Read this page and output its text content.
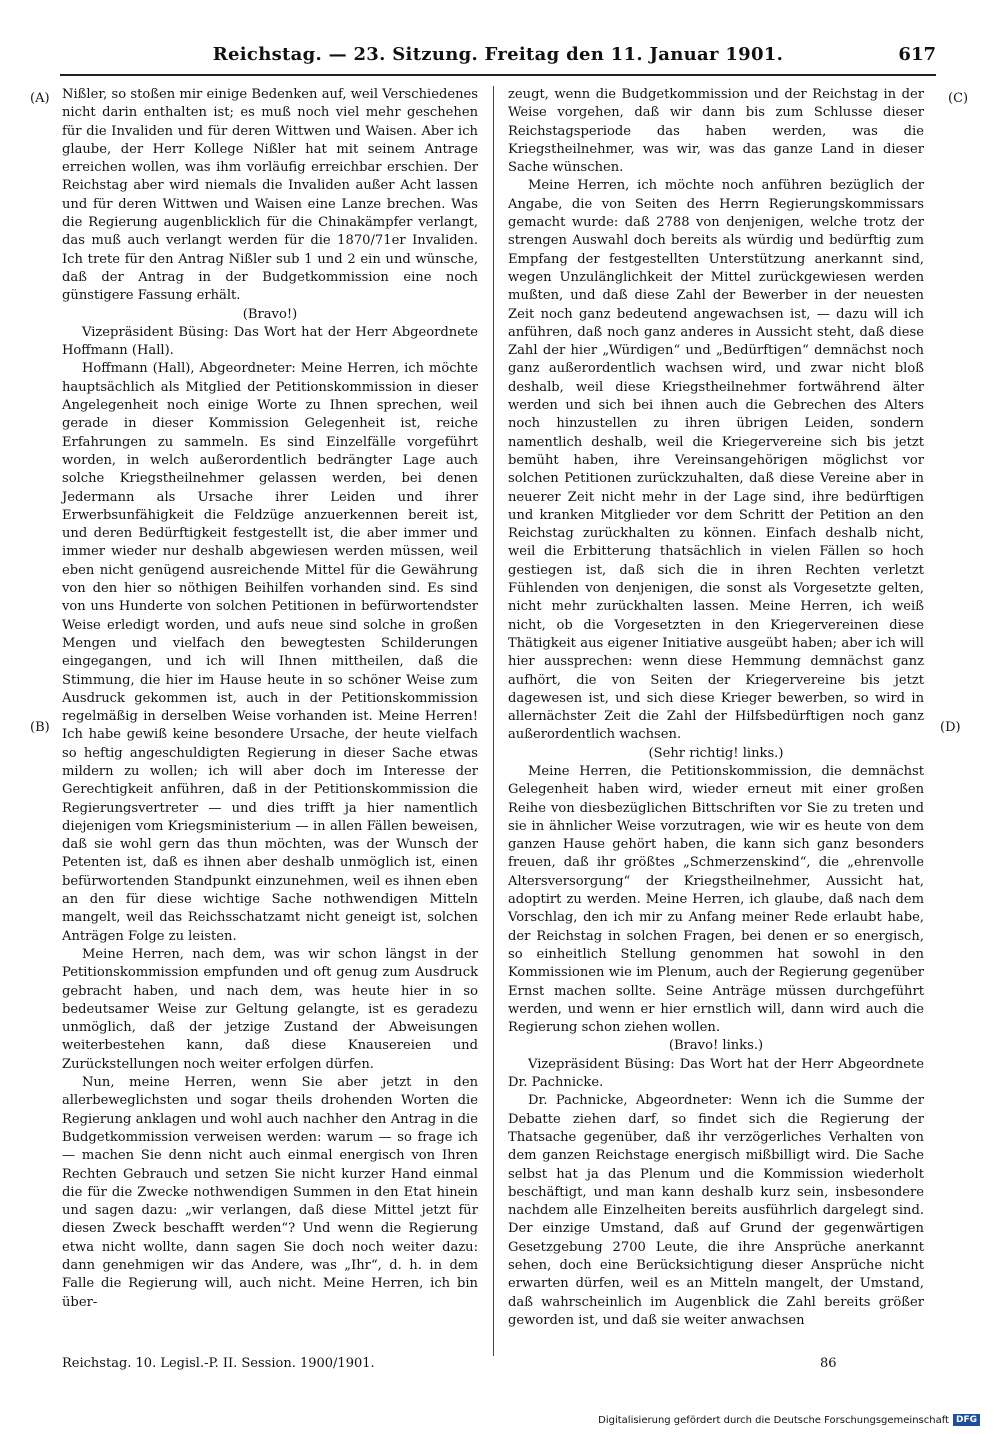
Reichstag. — 23. Sitzung. Freitag den 11. Januar 1901.	617
(A)
(B)
(C)
(D)

Nißler, so stoßen mir einige Bedenken auf, weil Verschiedenes nicht darin enthalten ist; es muß noch viel mehr geschehen für die Invaliden und für deren Wittwen und Waisen. Aber ich glaube, der Herr Kollege Nißler hat mit seinem Antrage erreichen wollen, was ihm vorläufig erreichbar erschien. Der Reichstag aber wird niemals die Invaliden außer Acht lassen und für deren Wittwen und Waisen eine Lanze brechen. Was die Regierung augenblicklich für die Chinakämpfer verlangt, das muß auch verlangt werden für die 1870/71er Invaliden. Ich trete für den Antrag Nißler sub 1 und 2 ein und wünsche, daß der Antrag in der Budgetkommission eine noch günstigere Fassung erhält.

(Bravo!)

Vizepräsident Büsing: Das Wort hat der Herr Abgeordnete Hoffmann (Hall).

Hoffmann (Hall), Abgeordneter: Meine Herren, ich möchte hauptsächlich als Mitglied der Petitionskommission in dieser Angelegenheit noch einige Worte zu Ihnen sprechen, weil gerade in dieser Kommission Gelegenheit ist, reiche Erfahrungen zu sammeln. Es sind Einzelfälle vorgeführt worden, in welch außerordentlich bedrängter Lage auch solche Kriegstheilnehmer gelassen werden, bei denen Jedermann als Ursache ihrer Leiden und ihrer Erwerbsunfähigkeit die Feldzüge anzuerkennen bereit ist, und deren Bedürftigkeit festgestellt ist, die aber immer und immer wieder nur deshalb abgewiesen werden müssen, weil eben nicht genügend ausreichende Mittel für die Gewährung von den hier so nöthigen Beihilfen vorhanden sind. Es sind von uns Hunderte von solchen Petitionen in befürwortendster Weise erledigt worden, und aufs neue sind solche in großen Mengen und vielfach den bewegtesten Schilderungen eingegangen, und ich will Ihnen mittheilen, daß die Stimmung, die hier im Hause heute in so schöner Weise zum Ausdruck gekommen ist, auch in der Petitionskommission regelmäßig in derselben Weise vorhanden ist. Meine Herren! Ich habe gewiß keine besondere Ursache, der heute vielfach so heftig angeschuldigten Regierung in dieser Sache etwas mildern zu wollen; ich will aber doch im Interesse der Gerechtigkeit anführen, daß in der Petitionskommission die Regierungsvertreter — und dies trifft ja hier namentlich diejenigen vom Kriegsministerium — in allen Fällen beweisen, daß sie wohl gern das thun möchten, was der Wunsch der Petenten ist, daß es ihnen aber deshalb unmöglich ist, einen befürwortenden Standpunkt einzunehmen, weil es ihnen eben an den für diese wichtige Sache nothwendigen Mitteln mangelt, weil das Reichsschatzamt nicht geneigt ist, solchen Anträgen Folge zu leisten.

Meine Herren, nach dem, was wir schon längst in der Petitionskommission empfunden und oft genug zum Ausdruck gebracht haben, und nach dem, was heute hier in so bedeutsamer Weise zur Geltung gelangte, ist es geradezu unmöglich, daß der jetzige Zustand der Abweisungen weiterbestehen kann, daß diese Knausereien und Zurückstellungen noch weiter erfolgen dürfen.

Nun, meine Herren, wenn Sie aber jetzt in den allerbeweglichsten und sogar theils drohenden Worten die Regierung anklagen und wohl auch nachher den Antrag in die Budgetkommission verweisen werden: warum — so frage ich — machen Sie denn nicht auch einmal energisch von Ihren Rechten Gebrauch und setzen Sie nicht kurzer Hand einmal die für die Zwecke nothwendigen Summen in den Etat hinein und sagen dazu: „wir verlangen, daß diese Mittel jetzt für diesen Zweck beschafft werden“? Und wenn die Regierung etwa nicht wollte, dann sagen Sie doch noch weiter dazu: dann genehmigen wir das Andere, was „Ihr“, d. h. in dem Falle die Regierung will, auch nicht. Meine Herren, ich bin über-

zeugt, wenn die Budgetkommission und der Reichstag in der Weise vorgehen, daß wir dann bis zum Schlusse dieser Reichstagsperiode das haben werden, was die Kriegstheilnehmer, was wir, was das ganze Land in dieser Sache wünschen.

Meine Herren, ich möchte noch anführen bezüglich der Angabe, die von Seiten des Herrn Regierungskommissars gemacht wurde: daß 2788 von denjenigen, welche trotz der strengen Auswahl doch bereits als würdig und bedürftig zum Empfang der festgestellten Unterstützung anerkannt sind, wegen Unzulänglichkeit der Mittel zurückgewiesen werden mußten, und daß diese Zahl der Bewerber in der neuesten Zeit noch ganz bedeutend angewachsen ist, — dazu will ich anführen, daß noch ganz anderes in Aussicht steht, daß diese Zahl der hier „Würdigen“ und „Bedürftigen“ demnächst noch ganz außerordentlich wachsen wird, und zwar nicht bloß deshalb, weil diese Kriegstheilnehmer fortwährend älter werden und sich bei ihnen auch die Gebrechen des Alters noch hinzustellen zu ihren übrigen Leiden, sondern namentlich deshalb, weil die Kriegervereine sich bis jetzt bemüht haben, ihre Vereinsangehörigen möglichst vor solchen Petitionen zurückzuhalten, daß diese Vereine aber in neuerer Zeit nicht mehr in der Lage sind, ihre bedürftigen und kranken Mitglieder vor dem Schritt der Petition an den Reichstag zurückhalten zu können. Einfach deshalb nicht, weil die Erbitterung thatsächlich in vielen Fällen so hoch gestiegen ist, daß sich die in ihren Rechten verletzt Fühlenden von denjenigen, die sonst als Vorgesetzte gelten, nicht mehr zurückhalten lassen. Meine Herren, ich weiß nicht, ob die Vorgesetzten in den Kriegervereinen diese Thätigkeit aus eigener Initiative ausgeübt haben; aber ich will hier aussprechen: wenn diese Hemmung demnächst ganz aufhört, die von Seiten der Kriegervereine bis jetzt dagewesen ist, und sich diese Krieger bewerben, so wird in allernächster Zeit die Zahl der Hilfsbedürftigen noch ganz außerordentlich wachsen.

(Sehr richtig! links.)

Meine Herren, die Petitionskommission, die demnächst Gelegenheit haben wird, wieder erneut mit einer großen Reihe von diesbezüglichen Bittschriften vor Sie zu treten und sie in ähnlicher Weise vorzutragen, wie wir es heute von dem ganzen Hause gehört haben, die kann sich ganz besonders freuen, daß ihr größtes „Schmerzenskind“, die „ehrenvolle Altersversorgung“ der Kriegstheilnehmer, Aussicht hat, adoptirt zu werden. Meine Herren, ich glaube, daß nach dem Vorschlag, den ich mir zu Anfang meiner Rede erlaubt habe, der Reichstag in solchen Fragen, bei denen er so energisch, so einheitlich Stellung genommen hat sowohl in den Kommissionen wie im Plenum, auch der Regierung gegenüber Ernst machen sollte. Seine Anträge müssen durchgeführt werden, und wenn er hier ernstlich will, dann wird auch die Regierung schon ziehen wollen.

(Bravo! links.)

Vizepräsident Büsing: Das Wort hat der Herr Abgeordnete Dr. Pachnicke.

Dr. Pachnicke, Abgeordneter: Wenn ich die Summe der Debatte ziehen darf, so findet sich die Regierung der Thatsache gegenüber, daß ihr verzögerliches Verhalten von dem ganzen Reichstage energisch mißbilligt wird. Die Sache selbst hat ja das Plenum und die Kommission wiederholt beschäftigt, und man kann deshalb kurz sein, insbesondere nachdem alle Einzelheiten bereits ausführlich dargelegt sind. Der einzige Umstand, daß auf Grund der gegenwärtigen Gesetzgebung 2700 Leute, die ihre Ansprüche anerkannt sehen, doch eine Berücksichtigung dieser Ansprüche nicht erwarten dürfen, weil es an Mitteln mangelt, der Umstand, daß wahrscheinlich im Augenblick die Zahl bereits größer geworden ist, und daß sie weiter anwachsen

Reichstag. 10. Legisl.-P. II. Session. 1900/1901.	86
Digitalisierung gefördert durch die Deutsche Forschungsgemeinschaft DFG
